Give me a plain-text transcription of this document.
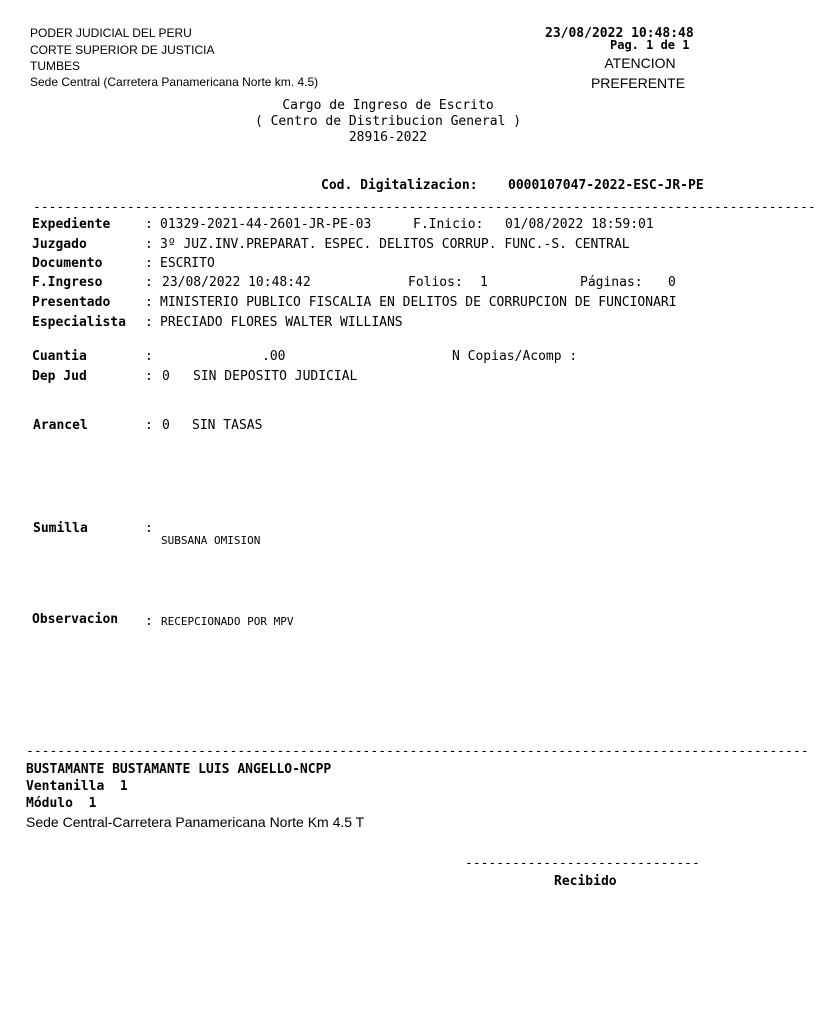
PODER JUDICIAL DEL PERU
CORTE SUPERIOR DE JUSTICIA
TUMBES
Sede Central (Carretera Panamericana Norte km. 4.5)
23/08/2022 10:48:48
Pag. 1 de 1
ATENCION
PREFERENTE
Cargo de Ingreso de Escrito
( Centro de Distribucion General )
28916-2022
Cod. Digitalizacion: 0000107047-2022-ESC-JR-PE
----------------------------------------------------------------------------------------------------
Expediente	: 01329-2021-44-2601-JR-PE-03	F.Inicio: 01/08/2022 18:59:01
Juzgado	: 3º JUZ.INV.PREPARAT. ESPEC. DELITOS CORRUP. FUNC.-S. CENTRAL
Documento	: ESCRITO
F.Ingreso	: 23/08/2022 10:48:42	Folios: 1	Páginas: 0
Presentado	: MINISTERIO PUBLICO FISCALIA EN DELITOS DE CORRUPCION DE FUNCIONARI
Especialista : PRECIADO FLORES WALTER WILLIANS
Cuantia	:	.00	N Copias/Acomp :
Dep Jud	: 0 SIN DEPOSITO JUDICIAL
Arancel	: 0 SIN TASAS
Sumilla	:
SUBSANA OMISION
Observacion : RECEPCIONADO POR MPV
----------------------------------------------------------------------------------------------------
BUSTAMANTE BUSTAMANTE LUIS ANGELLO-NCPP
Ventanilla  1
Módulo  1
Sede Central-Carretera Panamericana Norte Km 4.5 T
------------------------------
Recibido
